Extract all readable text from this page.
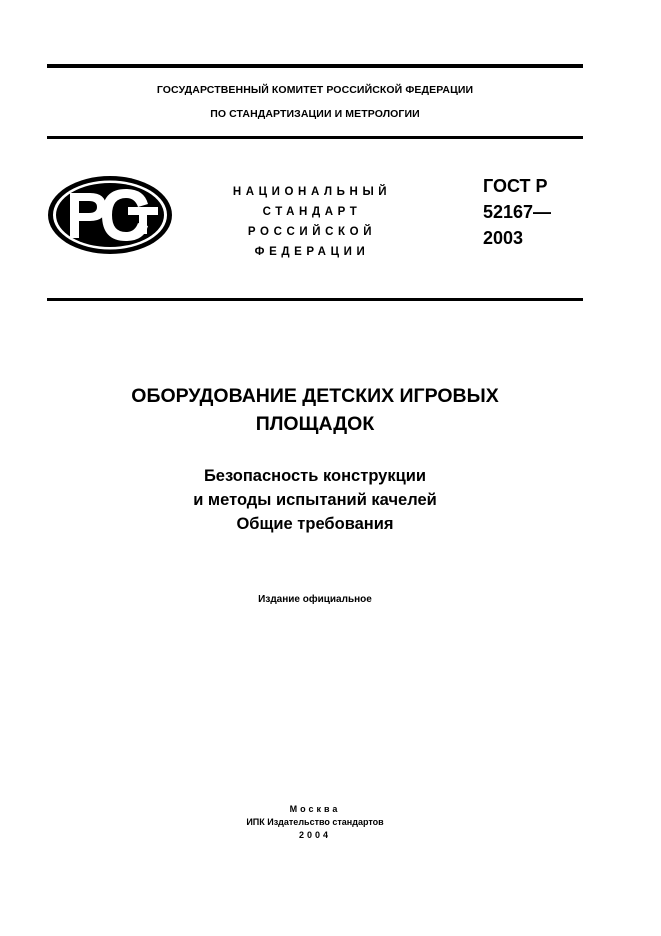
ГОСУДАРСТВЕННЫЙ КОМИТЕТ РОССИЙСКОЙ ФЕДЕРАЦИИ
ПО СТАНДАРТИЗАЦИИ И МЕТРОЛОГИИ
НАЦИОНАЛЬНЫЙ
СТАНДАРТ
РОССИЙСКОЙ
ФЕДЕРАЦИИ
ГОСТ Р
52167—
2003
ОБОРУДОВАНИЕ ДЕТСКИХ ИГРОВЫХ
ПЛОЩАДОК
Безопасность конструкции
и методы испытаний качелей
Общие требования
Издание официальное
Москва
ИПК Издательство стандартов
2004
